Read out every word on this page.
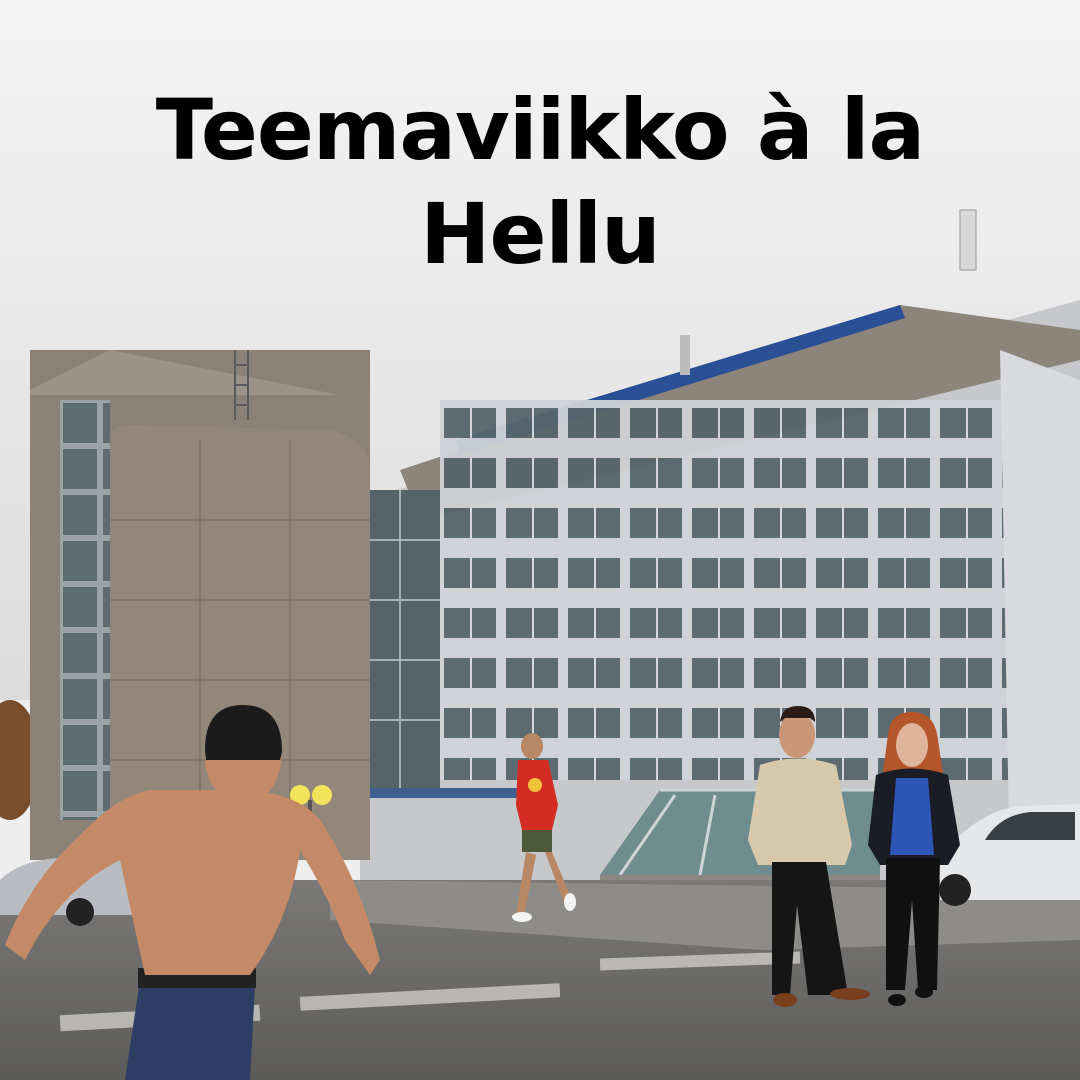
Teemaviikko à la
Hellu
